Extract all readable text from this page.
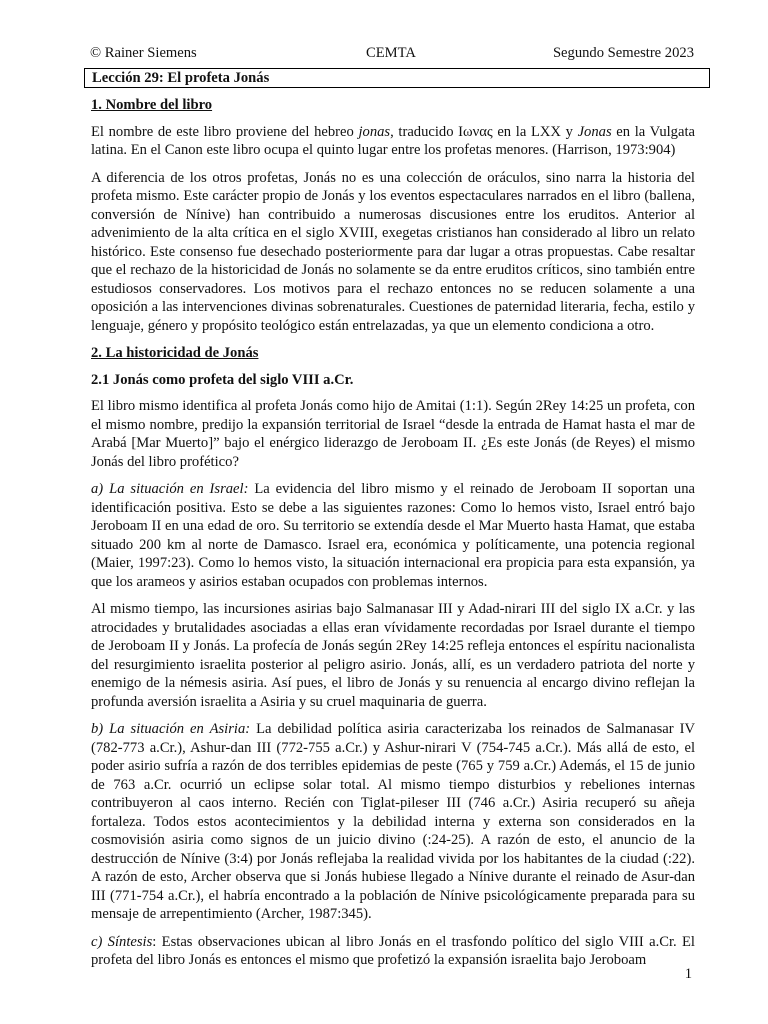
© Rainer Siemens	CEMTA	Segundo Semestre 2023
Lección 29: El profeta Jonás
1. Nombre del libro

El nombre de este libro proviene del hebreo jonas, traducido Ιωνας en la LXX y Jonas en la Vulgata latina. En el Canon este libro ocupa el quinto lugar entre los profetas menores. (Harrison, 1973:904)

A diferencia de los otros profetas, Jonás no es una colección de oráculos, sino narra la historia del profeta mismo. Este carácter propio de Jonás y los eventos espectaculares narrados en el libro (ballena, conversión de Nínive) han contribuido a numerosas discusiones entre los eruditos. Anterior al advenimiento de la alta crítica en el siglo XVIII, exegetas cristianos han considerado al libro un relato histórico. Este consenso fue desechado posteriormente para dar lugar a otras propuestas. Cabe resaltar que el rechazo de la historicidad de Jonás no solamente se da entre eruditos críticos, sino también entre estudiosos conservadores. Los motivos para el rechazo entonces no se reducen solamente a una oposición a las intervenciones divinas sobrenaturales. Cuestiones de paternidad literaria, fecha, estilo y lenguaje, género y propósito teológico están entrelazadas, ya que un elemento condiciona a otro.

2. La historicidad de Jonás
2.1 Jonás como profeta del siglo VIII a.Cr.

El libro mismo identifica al profeta Jonás como hijo de Amitai (1:1). Según 2Rey 14:25 un profeta, con el mismo nombre, predijo la expansión territorial de Israel “desde la entrada de Hamat hasta el mar de Arabá [Mar Muerto]” bajo el enérgico liderazgo de Jeroboam II. ¿Es este Jonás (de Reyes) el mismo Jonás del libro profético?

a) La situación en Israel: La evidencia del libro mismo y el reinado de Jeroboam II soportan una identificación positiva. Esto se debe a las siguientes razones: Como lo hemos visto, Israel entró bajo Jeroboam II en una edad de oro. Su territorio se extendía desde el Mar Muerto hasta Hamat, que estaba situado 200 km al norte de Damasco. Israel era, económica y políticamente, una potencia regional (Maier, 1997:23). Como lo hemos visto, la situación internacional era propicia para esta expansión, ya que los arameos y asirios estaban ocupados con problemas internos.

Al mismo tiempo, las incursiones asirias bajo Salmanasar III y Adad-nirari III del siglo IX a.Cr. y las atrocidades y brutalidades asociadas a ellas eran vívidamente recordadas por Israel durante el tiempo de Jeroboam II y Jonás. La profecía de Jonás según 2Rey 14:25 refleja entonces el espíritu nacionalista del resurgimiento israelita posterior al peligro asirio. Jonás, allí, es un verdadero patriota del norte y enemigo de la némesis asiria. Así pues, el libro de Jonás y su renuencia al encargo divino reflejan la profunda aversión israelita a Asiria y su cruel maquinaria de guerra.

b) La situación en Asiria: La debilidad política asiria caracterizaba los reinados de Salmanasar IV (782-773 a.Cr.), Ashur-dan III (772-755 a.Cr.) y Ashur-nirari V (754-745 a.Cr.). Más allá de esto, el poder asirio sufría a razón de dos terribles epidemias de peste (765 y 759 a.Cr.) Además, el 15 de junio de 763 a.Cr. ocurrió un eclipse solar total. Al mismo tiempo disturbios y rebeliones internas contribuyeron al caos interno. Recién con Tiglat-pileser III (746 a.Cr.) Asiria recuperó su añeja fortaleza. Todos estos acontecimientos y la debilidad interna y externa son considerados en la cosmovisión asiria como signos de un juicio divino (:24-25). A razón de esto, el anuncio de la destrucción de Nínive (3:4) por Jonás reflejaba la realidad vivida por los habitantes de la ciudad (:22). A razón de esto, Archer observa que si Jonás hubiese llegado a Nínive durante el reinado de Asur-dan III (771-754 a.Cr.), el habría encontrado a la población de Nínive psicológicamente preparada para su mensaje de arrepentimiento (Archer, 1987:345).

c) Síntesis: Estas observaciones ubican al libro Jonás en el trasfondo político del siglo VIII a.Cr. El profeta del libro Jonás es entonces el mismo que profetizó la expansión israelita bajo Jeroboam

1
